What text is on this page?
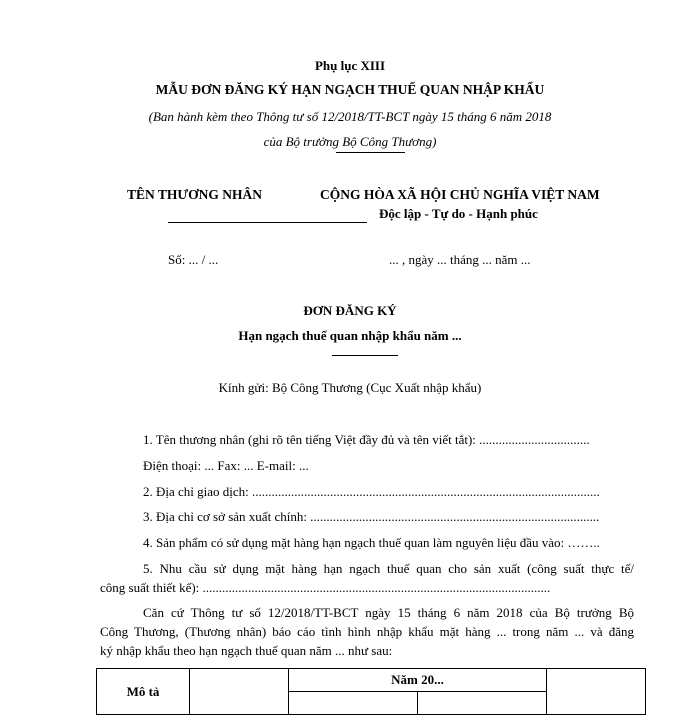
Phụ lục XIII
MẪU ĐƠN ĐĂNG KÝ HẠN NGẠCH THUẾ QUAN NHẬP KHẨU
(Ban hành kèm theo Thông tư số 12/2018/TT-BCT ngày 15 tháng 6 năm 2018
của Bộ trưởng Bộ Công Thương)
TÊN THƯƠNG NHÂN
Số: ... / ...
CỘNG HÒA XÃ HỘI CHỦ NGHĨA VIỆT NAM
Độc lập - Tự do - Hạnh phúc
... , ngày ... tháng ... năm ...
ĐƠN ĐĂNG KÝ
Hạn ngạch thuế quan nhập khẩu năm ...
Kính gửi: Bộ Công Thương (Cục Xuất nhập khẩu)
1. Tên thương nhân (ghi rõ tên tiếng Việt đầy đủ và tên viết tắt): ..................................
Điện thoại: ... Fax: ... E-mail: ...
2. Địa chỉ giao dịch: ...........................................................................................................
3. Địa chỉ cơ sở sản xuất chính: .........................................................................................
4. Sản phẩm có sử dụng mặt hàng hạn ngạch thuế quan làm nguyên liệu đầu vào: ……..
5. Nhu cầu sử dụng mặt hàng hạn ngạch thuế quan cho sản xuất (công suất thực tế/
công suất thiết kế): ...........................................................................................................
Căn cứ Thông tư số 12/2018/TT-BCT ngày 15 tháng 6 năm 2018 của Bộ trưởng Bộ
Công Thương, (Thương nhân) báo cáo tình hình nhập khẩu mặt hàng ... trong năm ... và đăng
ký nhập khẩu theo hạn ngạch thuế quan năm ... như sau:
Mô tả		Năm 20...		
